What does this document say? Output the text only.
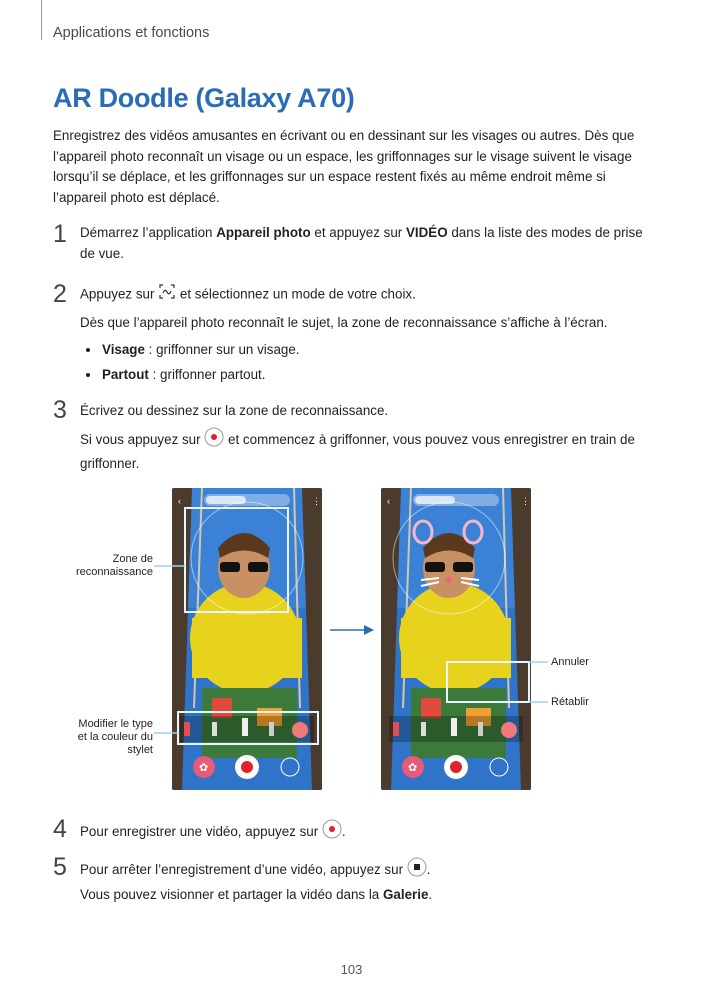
Applications et fonctions
AR Doodle (Galaxy A70)
Enregistrez des vidéos amusantes en écrivant ou en dessinant sur les visages ou autres. Dès que l’appareil photo reconnaît un visage ou un espace, les griffonnages sur le visage suivent le visage lorsqu’il se déplace, et les griffonnages sur un espace restent fixés au même endroit même si l’appareil photo est déplacé.
1 Démarrez l’application Appareil photo et appuyez sur VIDÉO dans la liste des modes de prise de vue.
2 Appuyez sur  et sélectionnez un mode de votre choix.
Dès que l’appareil photo reconnaît le sujet, la zone de reconnaissance s’affiche à l’écran.
Visage : griffonner sur un visage.
Partout : griffonner partout.
3 Écrivez ou dessinez sur la zone de reconnaissance.
Si vous appuyez sur  et commencez à griffonner, vous pouvez vous enregistrer en train de griffonner.
‹	⋮
✿
‹	⋮
✿
Zone de
reconnaissance
Modifier le type
et la couleur du
stylet
Annuler
Rétablir
4 Pour enregistrer une vidéo, appuyez sur .
5 Pour arrêter l’enregistrement d’une vidéo, appuyez sur .
Vous pouvez visionner et partager la vidéo dans la Galerie.
103
